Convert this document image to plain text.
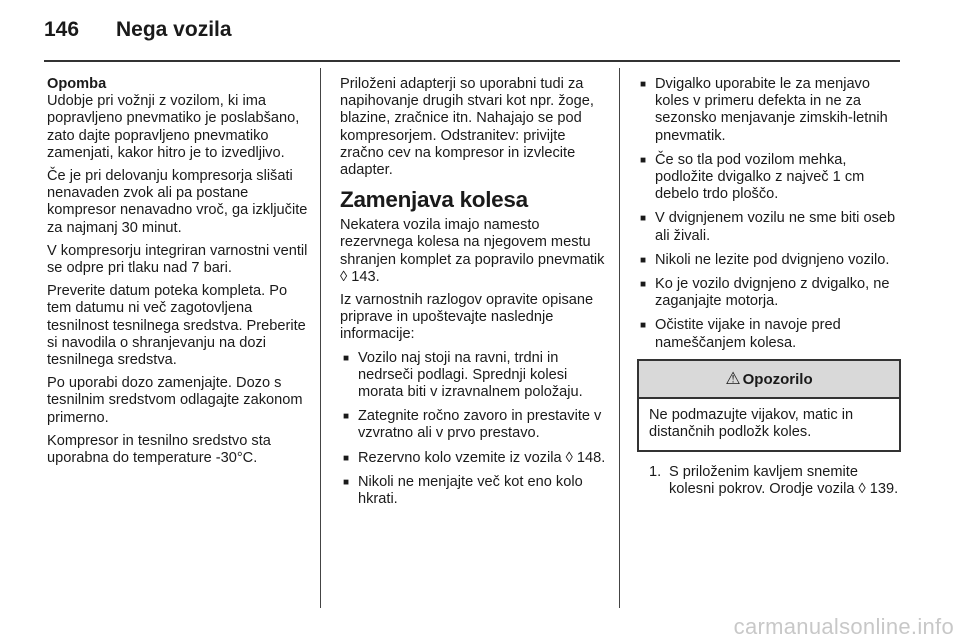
146 Nega vozila
Opomba

Udobje pri vožnji z vozilom, ki ima popravljeno pnevmatiko je poslabšano, zato dajte popravljeno pnevmatiko zamenjati, kakor hitro je to izvedljivo.

Če je pri delovanju kompresorja slišati nenavaden zvok ali pa postane kompresor nenavadno vroč, ga izključite za najmanj 30 minut.

V kompresorju integriran varnostni ventil se odpre pri tlaku nad 7 bari.

Preverite datum poteka kompleta. Po tem datumu ni več zagotovljena tesnilnost tesnilnega sredstva. Preberite si navodila o shranjevanju na dozi tesnilnega sredstva.

Po uporabi dozo zamenjajte. Dozo s tesnilnim sredstvom odlagajte zakonom primerno.

Kompresor in tesnilno sredstvo sta uporabna do temperature -30°C.

Priloženi adapterji so uporabni tudi za napihovanje drugih stvari kot npr. žoge, blazine, zračnice itn. Nahajajo se pod kompresorjem. Odstranitev: privijte zračno cev na kompresor in izvlecite adapter.

Zamenjava kolesa

Nekatera vozila imajo namesto rezervnega kolesa na njegovem mestu shranjen komplet za popravilo pnevmatik ◊ 143.

Iz varnostnih razlogov opravite opisane priprave in upoštevajte naslednje informacije:

■ Vozilo naj stoji na ravni, trdni in nedrseči podlagi. Sprednji kolesi morata biti v izravnalnem položaju.
■ Zategnite ročno zavoro in prestavite v vzvratno ali v prvo prestavo.
■ Rezervno kolo vzemite iz vozila ◊ 148.
■ Nikoli ne menjajte več kot eno kolo hkrati.
■ Dvigalko uporabite le za menjavo koles v primeru defekta in ne za sezonsko menjavanje zimskih-letnih pnevmatik.
■ Če so tla pod vozilom mehka, podložite dvigalko z največ 1 cm debelo trdo ploščo.
■ V dvignjenem vozilu ne sme biti oseb ali živali.
■ Nikoli ne lezite pod dvignjeno vozilo.
■ Ko je vozilo dvignjeno z dvigalko, ne zaganjajte motorja.
■ Očistite vijake in navoje pred nameščanjem kolesa.
⚠ Opozorilo
Ne podmazujte vijakov, matic in distančnih podložk koles.
1. S priloženim kavljem snemite kolesni pokrov. Orodje vozila ◊ 139.
carmanualsonline.info
